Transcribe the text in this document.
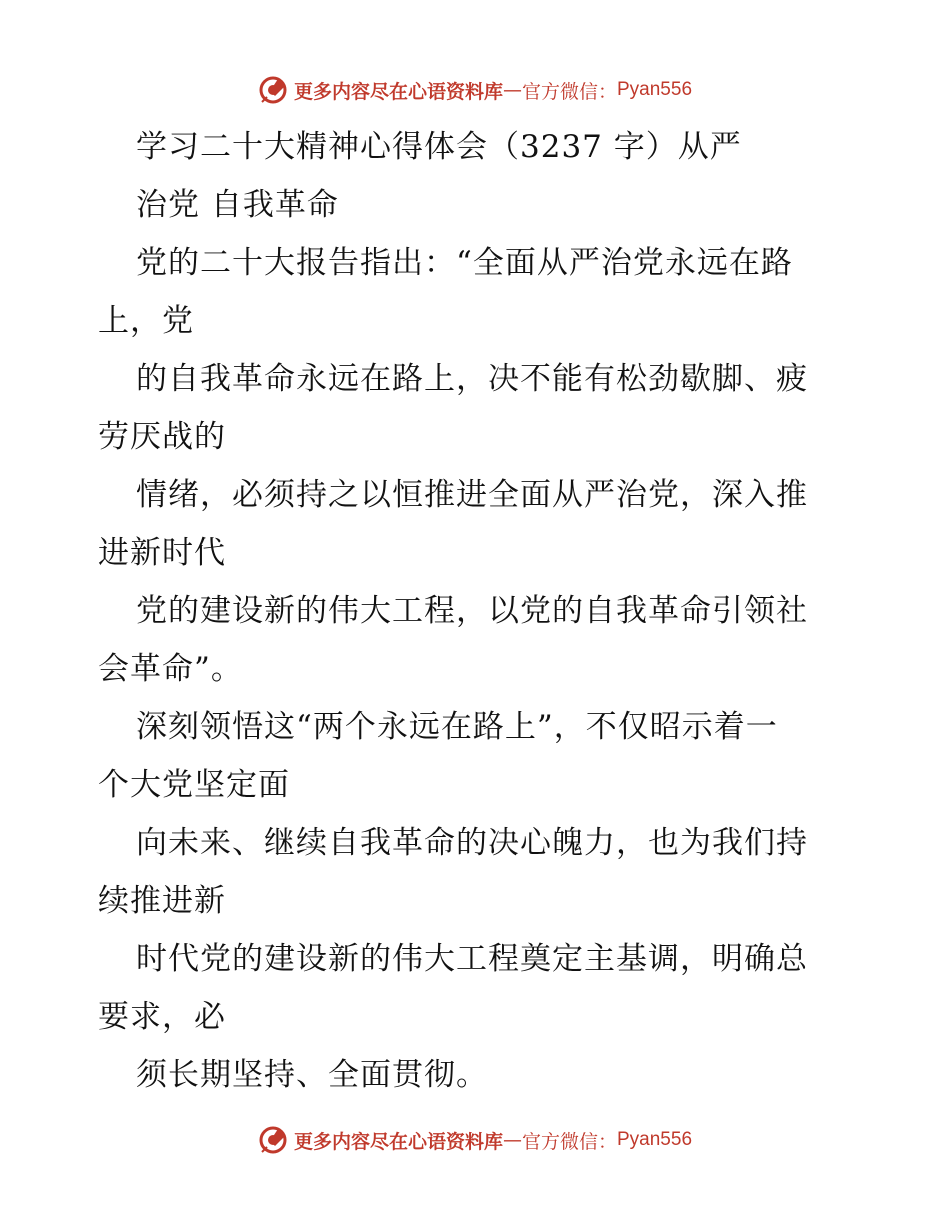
更多内容尽在心语资料库 — 官方微信： Pyan556
学习二十大精神心得体会（3237 字）从严
治党 自我革命
党的二十大报告指出：“全面从严治党永远在路
上，党
的自我革命永远在路上，决不能有松劲歇脚、疲
劳厌战的
情绪，必须持之以恒推进全面从严治党，深入推
进新时代
党的建设新的伟大工程，以党的自我革命引领社
会革命”。
深刻领悟这“两个永远在路上”，不仅昭示着一
个大党坚定面
向未来、继续自我革命的决心魄力，也为我们持
续推进新
时代党的建设新的伟大工程奠定主基调，明确总
要求，必
须长期坚持、全面贯彻。
更多内容尽在心语资料库 — 官方微信： Pyan556
